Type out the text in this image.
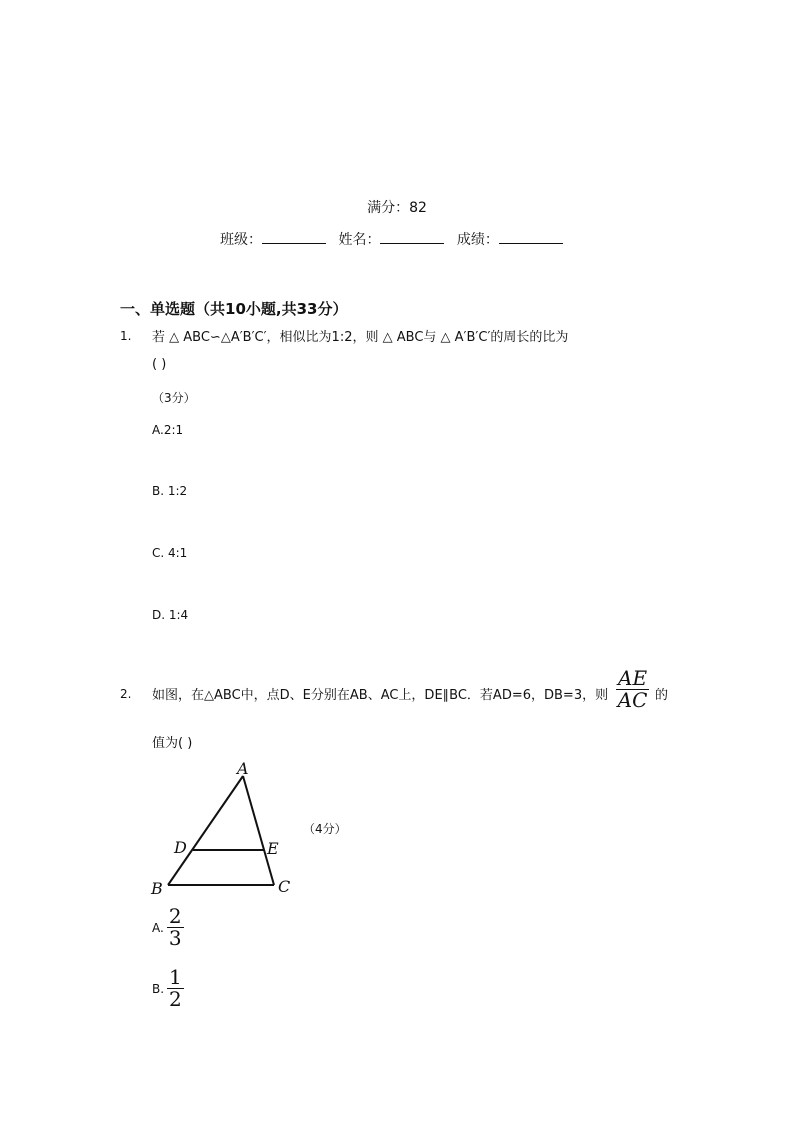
满分：82
班级：	姓名：	成绩：
一、单选题（共10小题,共33分）
1. 若 △ ABC∽△A′B′C′，相似比为1:2，则 △ ABC与 △ A′B′C′的周长的比为
( )
（3分）
A.2:1
B. 1:2
C. 4:1
D. 1:4
2. 如图，在△ABC中，点D、E分别在AB、AC上，DE∥BC．若AD=6，DB=3，则 $\frac{AE}{AC}$ 的
值为( )
A
B	C
D	E
（4分）
A. $\frac{2}{3}$
B. $\frac{1}{2}$
